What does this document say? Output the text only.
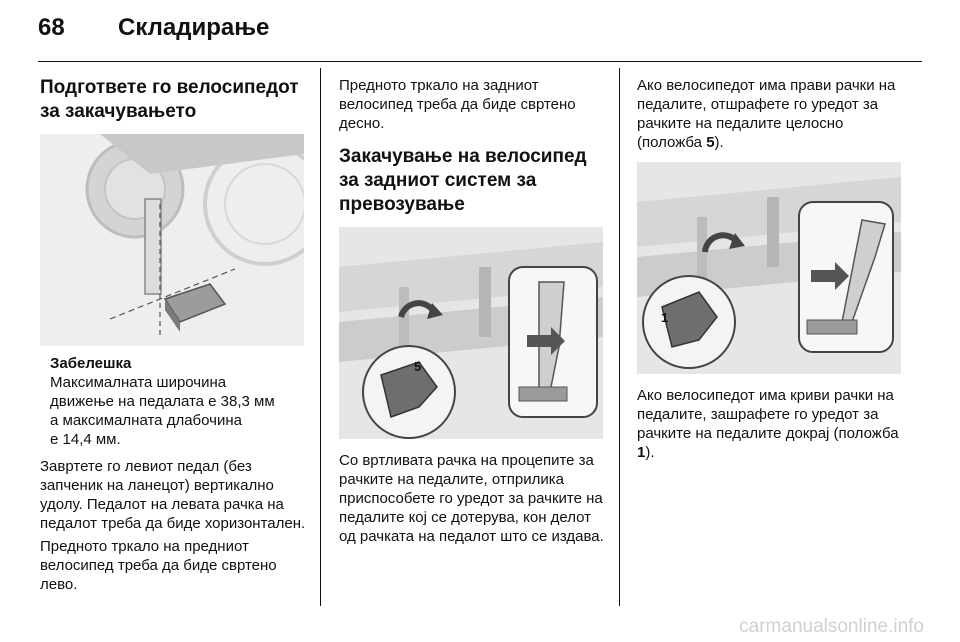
68	Складирање
Подгответе го велосипедот за закачувањето
Забелешка
Максималната широчина
движење на педалата е 38,3 мм
а максималната длабочина
е 14,4 мм.

Завртете го левиот педал (без запченик на ланецот) вертикално удолу. Педалот на левата рачка на педалот треба да биде хоризонтален.

Предното тркало на предниот велосипед треба да биде свртено лево.

Предното тркало на задниот велосипед треба да биде свртено десно.

Закачување на велосипед за задниот систем за превозување
5

Со вртливата рачка на процепите за рачките на педалите, отприлика приспособете го уредот за рачките на педалите кој се дотерува, кон делот од рачката на педалот што се издава.

Ако велосипедот има прави рачки на педалите, отшрафете го уредот за рачките на педалите целосно (положба 5).

1

Ако велосипедот има криви рачки на педалите, зашрафете го уредот за рачките на педалите докрај (положба 1).

carmanualsonline.info
